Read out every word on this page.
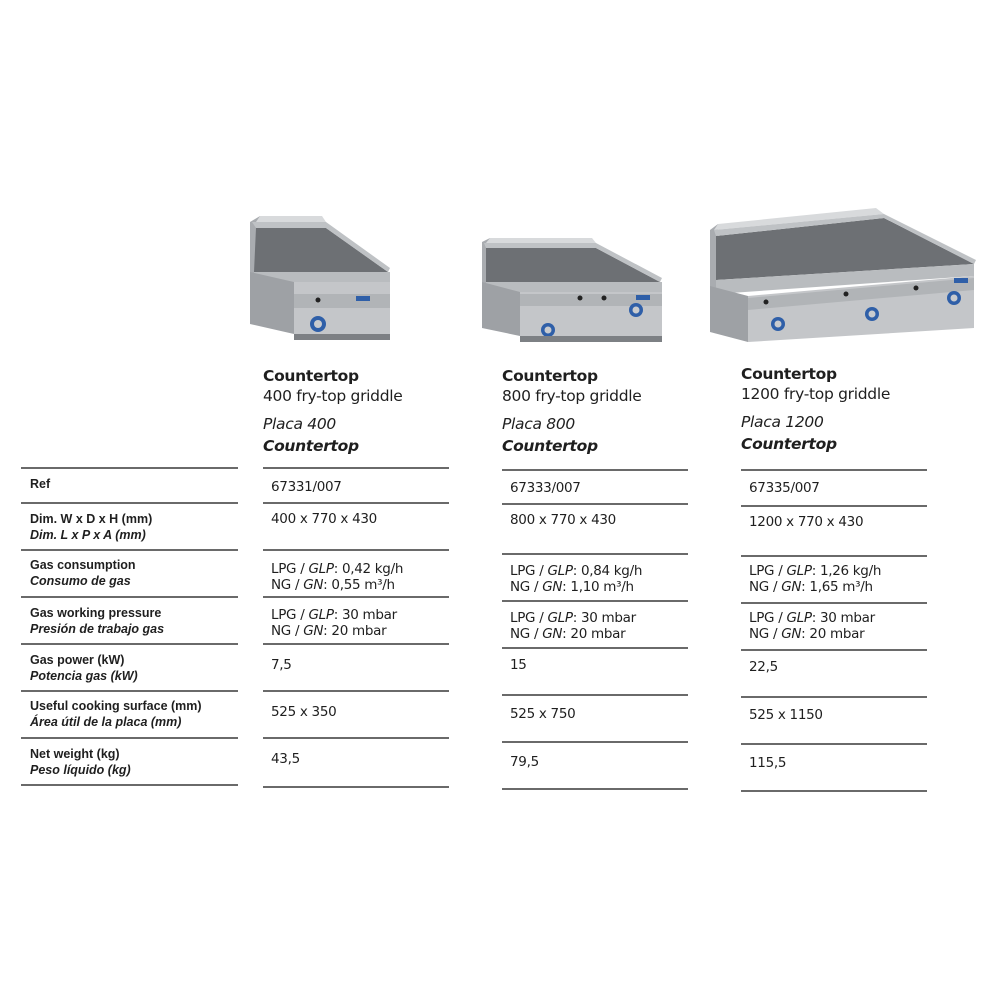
Countertop
400 fry-top griddle
Placa 400
Countertop
Countertop
800 fry-top griddle
Placa 800
Countertop
Countertop
1200 fry-top griddle
Placa 1200
Countertop
Ref
Dim. W x D x H (mm)
Dim. L x P x A (mm)
Gas consumption
Consumo de gas
Gas working pressure
Presión de trabajo gas
Gas power (kW)
Potencia gas (kW)
Useful cooking surface (mm)
Área útil de la placa (mm)
Net weight (kg)
Peso líquido (kg)
67331/007
400 x 770 x 430
LPG / GLP: 0,42 kg/h
NG / GN: 0,55 m³/h
LPG / GLP: 30 mbar
NG / GN: 20 mbar
7,5
525 x 350
43,5
67333/007
800 x 770 x 430
LPG / GLP: 0,84 kg/h
NG / GN: 1,10 m³/h
LPG / GLP: 30 mbar
NG / GN: 20 mbar
15
525 x 750
79,5
67335/007
1200 x 770 x 430
LPG / GLP: 1,26 kg/h
NG / GN: 1,65 m³/h
LPG / GLP: 30 mbar
NG / GN: 20 mbar
22,5
525 x 1150
115,5
